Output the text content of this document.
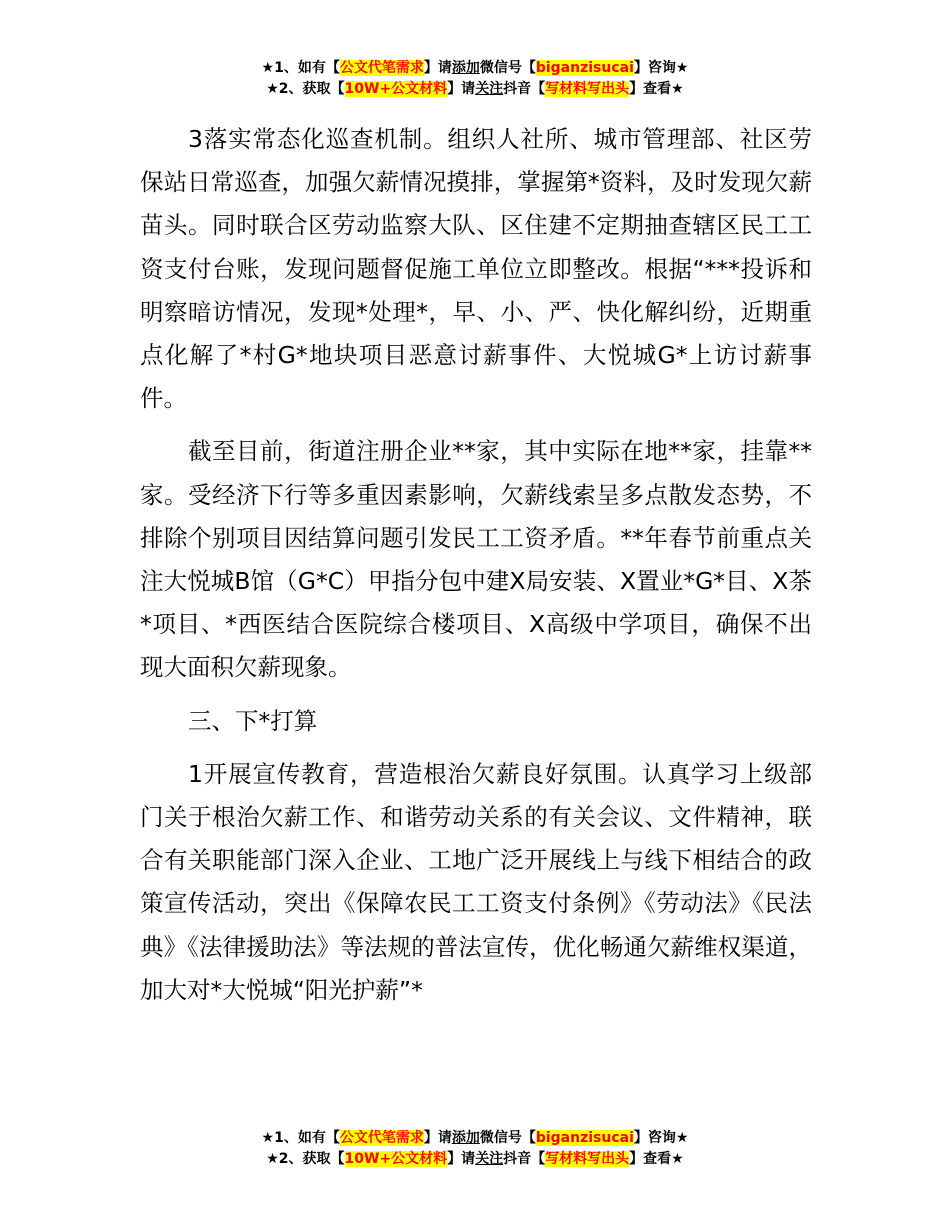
★1、如有【公文代笔需求】请添加微信号【biganzisucai】咨询★
★2、获取【10W+公文材料】请关注抖音【写材料写出头】查看★

3落实常态化巡查机制。组织人社所、城市管理部、社区劳保站日常巡查，加强欠薪情况摸排，掌握第*资料，及时发现欠薪苗头。同时联合区劳动监察大队、区住建不定期抽查辖区民工工资支付台账，发现问题督促施工单位立即整改。根据“***投诉和明察暗访情况，发现*处理*，早、小、严、快化解纠纷，近期重点化解了*村G*地块项目恶意讨薪事件、大悦城G*上访讨薪事件。

截至目前，街道注册企业**家，其中实际在地**家，挂靠**家。受经济下行等多重因素影响，欠薪线索呈多点散发态势，不排除个别项目因结算问题引发民工工资矛盾。**年春节前重点关注大悦城B馆（G*C）甲指分包中建X局安装、X置业*G*目、X茶*项目、*西医结合医院综合楼项目、X高级中学项目，确保不出现大面积欠薪现象。

三、下*打算

1开展宣传教育，营造根治欠薪良好氛围。认真学习上级部门关于根治欠薪工作、和谐劳动关系的有关会议、文件精神，联合有关职能部门深入企业、工地广泛开展线上与线下相结合的政策宣传活动，突出《保障农民工工资支付条例》《劳动法》《民法典》《法律援助法》等法规的普法宣传，优化畅通欠薪维权渠道，加大对*大悦城“阳光护薪”*

★1、如有【公文代笔需求】请添加微信号【biganzisucai】咨询★
★2、获取【10W+公文材料】请关注抖音【写材料写出头】查看★
